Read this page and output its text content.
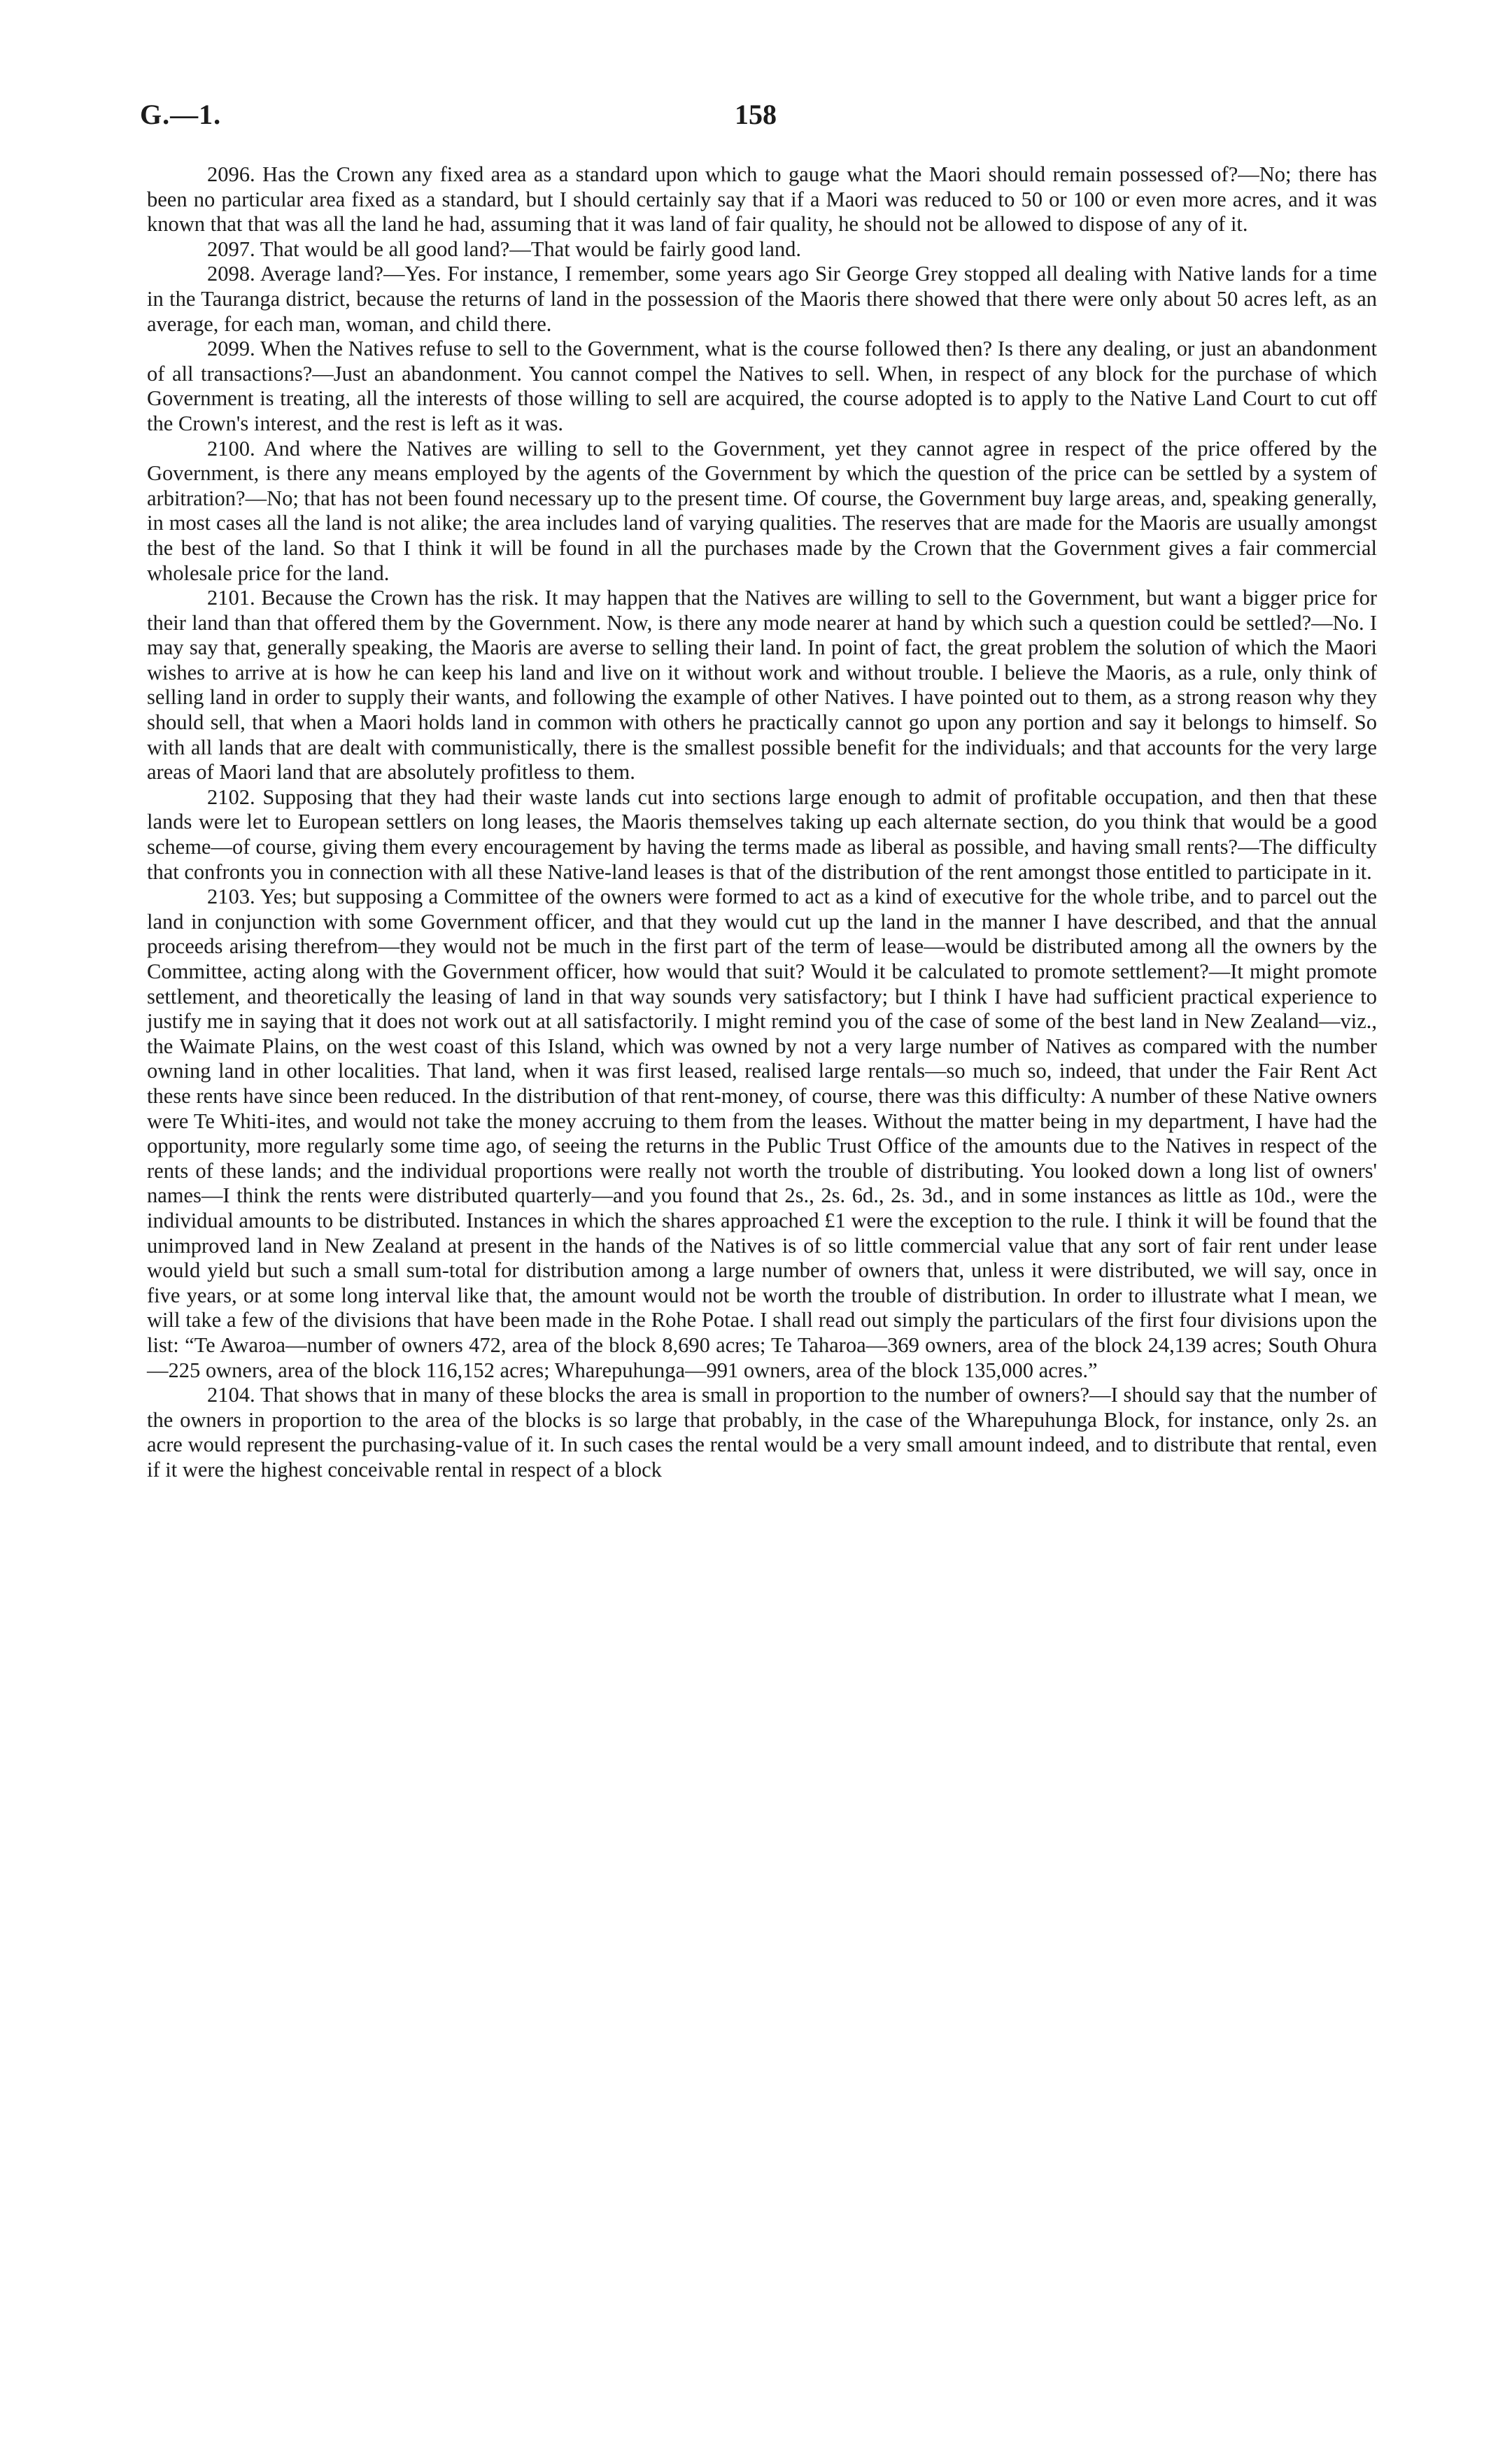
G.—1.	158

2096. Has the Crown any fixed area as a standard upon which to gauge what the Maori should remain possessed of?—No; there has been no particular area fixed as a standard, but I should certainly say that if a Maori was reduced to 50 or 100 or even more acres, and it was known that that was all the land he had, assuming that it was land of fair quality, he should not be allowed to dispose of any of it.

2097. That would be all good land?—That would be fairly good land.

2098. Average land?—Yes. For instance, I remember, some years ago Sir George Grey stopped all dealing with Native lands for a time in the Tauranga district, because the returns of land in the possession of the Maoris there showed that there were only about 50 acres left, as an average, for each man, woman, and child there.

2099. When the Natives refuse to sell to the Government, what is the course followed then? Is there any dealing, or just an abandonment of all transactions?—Just an abandonment. You cannot compel the Natives to sell. When, in respect of any block for the purchase of which Government is treating, all the interests of those willing to sell are acquired, the course adopted is to apply to the Native Land Court to cut off the Crown's interest, and the rest is left as it was.

2100. And where the Natives are willing to sell to the Government, yet they cannot agree in respect of the price offered by the Government, is there any means employed by the agents of the Government by which the question of the price can be settled by a system of arbitration?—No; that has not been found necessary up to the present time. Of course, the Government buy large areas, and, speaking generally, in most cases all the land is not alike; the area includes land of varying qualities. The reserves that are made for the Maoris are usually amongst the best of the land. So that I think it will be found in all the purchases made by the Crown that the Government gives a fair commercial wholesale price for the land.

2101. Because the Crown has the risk. It may happen that the Natives are willing to sell to the Government, but want a bigger price for their land than that offered them by the Government. Now, is there any mode nearer at hand by which such a question could be settled?—No. I may say that, generally speaking, the Maoris are averse to selling their land. In point of fact, the great problem the solution of which the Maori wishes to arrive at is how he can keep his land and live on it without work and without trouble. I believe the Maoris, as a rule, only think of selling land in order to supply their wants, and following the example of other Natives. I have pointed out to them, as a strong reason why they should sell, that when a Maori holds land in common with others he practically cannot go upon any portion and say it belongs to himself. So with all lands that are dealt with communistically, there is the smallest possible benefit for the individuals; and that accounts for the very large areas of Maori land that are absolutely profitless to them.

2102. Supposing that they had their waste lands cut into sections large enough to admit of profitable occupation, and then that these lands were let to European settlers on long leases, the Maoris themselves taking up each alternate section, do you think that would be a good scheme—of course, giving them every encouragement by having the terms made as liberal as possible, and having small rents?—The difficulty that confronts you in connection with all these Native-land leases is that of the distribution of the rent amongst those entitled to participate in it.

2103. Yes; but supposing a Committee of the owners were formed to act as a kind of executive for the whole tribe, and to parcel out the land in conjunction with some Government officer, and that they would cut up the land in the manner I have described, and that the annual proceeds arising therefrom—they would not be much in the first part of the term of lease—would be distributed among all the owners by the Committee, acting along with the Government officer, how would that suit? Would it be calculated to promote settlement?—It might promote settlement, and theoretically the leasing of land in that way sounds very satisfactory; but I think I have had sufficient practical experience to justify me in saying that it does not work out at all satisfactorily. I might remind you of the case of some of the best land in New Zealand—viz., the Waimate Plains, on the west coast of this Island, which was owned by not a very large number of Natives as compared with the number owning land in other localities. That land, when it was first leased, realised large rentals—so much so, indeed, that under the Fair Rent Act these rents have since been reduced. In the distribution of that rent-money, of course, there was this difficulty: A number of these Native owners were Te Whiti-ites, and would not take the money accruing to them from the leases. Without the matter being in my department, I have had the opportunity, more regularly some time ago, of seeing the returns in the Public Trust Office of the amounts due to the Natives in respect of the rents of these lands; and the individual proportions were really not worth the trouble of distributing. You looked down a long list of owners' names—I think the rents were distributed quarterly—and you found that 2s., 2s. 6d., 2s. 3d., and in some instances as little as 10d., were the individual amounts to be distributed. Instances in which the shares approached £1 were the exception to the rule. I think it will be found that the unimproved land in New Zealand at present in the hands of the Natives is of so little commercial value that any sort of fair rent under lease would yield but such a small sum-total for distribution among a large number of owners that, unless it were distributed, we will say, once in five years, or at some long interval like that, the amount would not be worth the trouble of distribution. In order to illustrate what I mean, we will take a few of the divisions that have been made in the Rohe Potae. I shall read out simply the particulars of the first four divisions upon the list: “Te Awaroa—number of owners 472, area of the block 8,690 acres; Te Taharoa—369 owners, area of the block 24,139 acres; South Ohura—225 owners, area of the block 116,152 acres; Wharepuhunga—991 owners, area of the block 135,000 acres.”

2104. That shows that in many of these blocks the area is small in proportion to the number of owners?—I should say that the number of the owners in proportion to the area of the blocks is so large that probably, in the case of the Wharepuhunga Block, for instance, only 2s. an acre would represent the purchasing-value of it. In such cases the rental would be a very small amount indeed, and to distribute that rental, even if it were the highest conceivable rental in respect of a block
